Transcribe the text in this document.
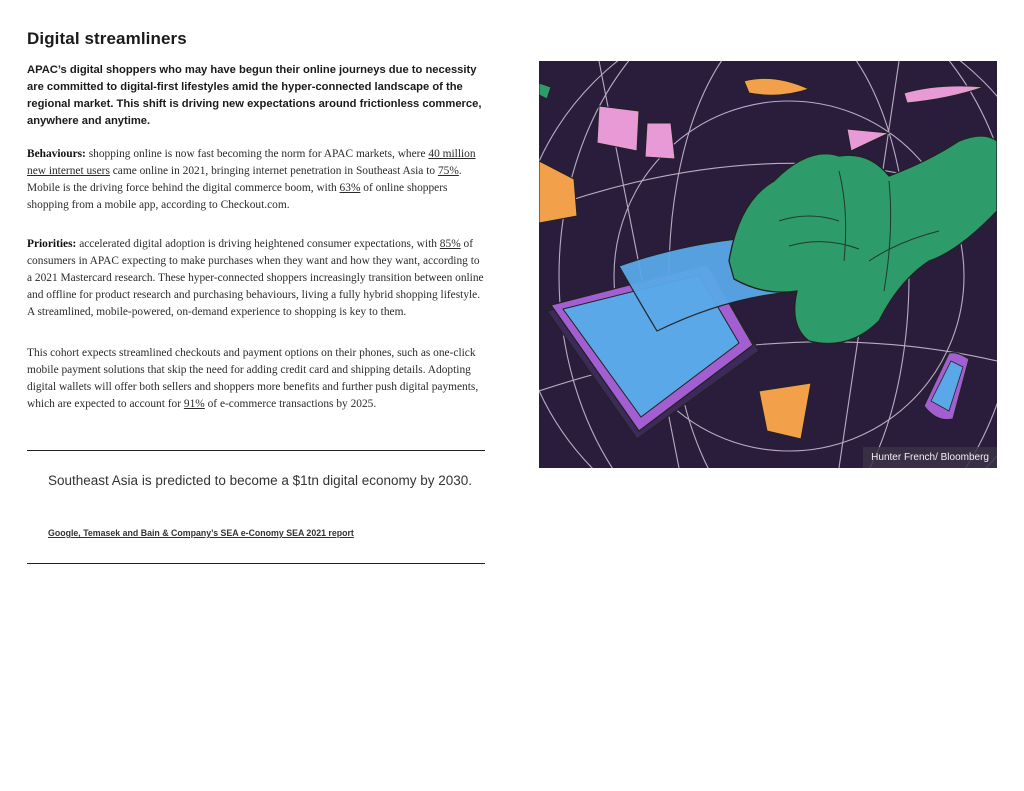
Digital streamliners

APAC’s digital shoppers who may have begun their online journeys due to necessity are committed to digital-first lifestyles amid the hyper-connected landscape of the regional market. This shift is driving new expectations around frictionless commerce, anywhere and anytime.

Behaviours: shopping online is now fast becoming the norm for APAC markets, where 40 million new internet users came online in 2021, bringing internet penetration in Southeast Asia to 75%. Mobile is the driving force behind the digital commerce boom, with 63% of online shoppers shopping from a mobile app, according to Checkout.com.

Priorities: accelerated digital adoption is driving heightened consumer expectations, with 85% of consumers in APAC expecting to make purchases when they want and how they want, according to a 2021 Mastercard research. These hyper-connected shoppers increasingly transition between online and offline for product research and purchasing behaviours, living a fully hybrid shopping lifestyle. A streamlined, mobile-powered, on-demand experience to shopping is key to them.

This cohort expects streamlined checkouts and payment options on their phones, such as one-click mobile payment solutions that skip the need for adding credit card and shipping details. Adopting digital wallets will offer both sellers and shoppers more benefits and further push digital payments, which are expected to account for 91% of e-commerce transactions by 2025.

Southeast Asia is predicted to become a $1tn digital economy by 2030.

Google, Temasek and Bain & Company’s SEA e-Conomy SEA 2021 report
Hunter French/ Bloomberg
